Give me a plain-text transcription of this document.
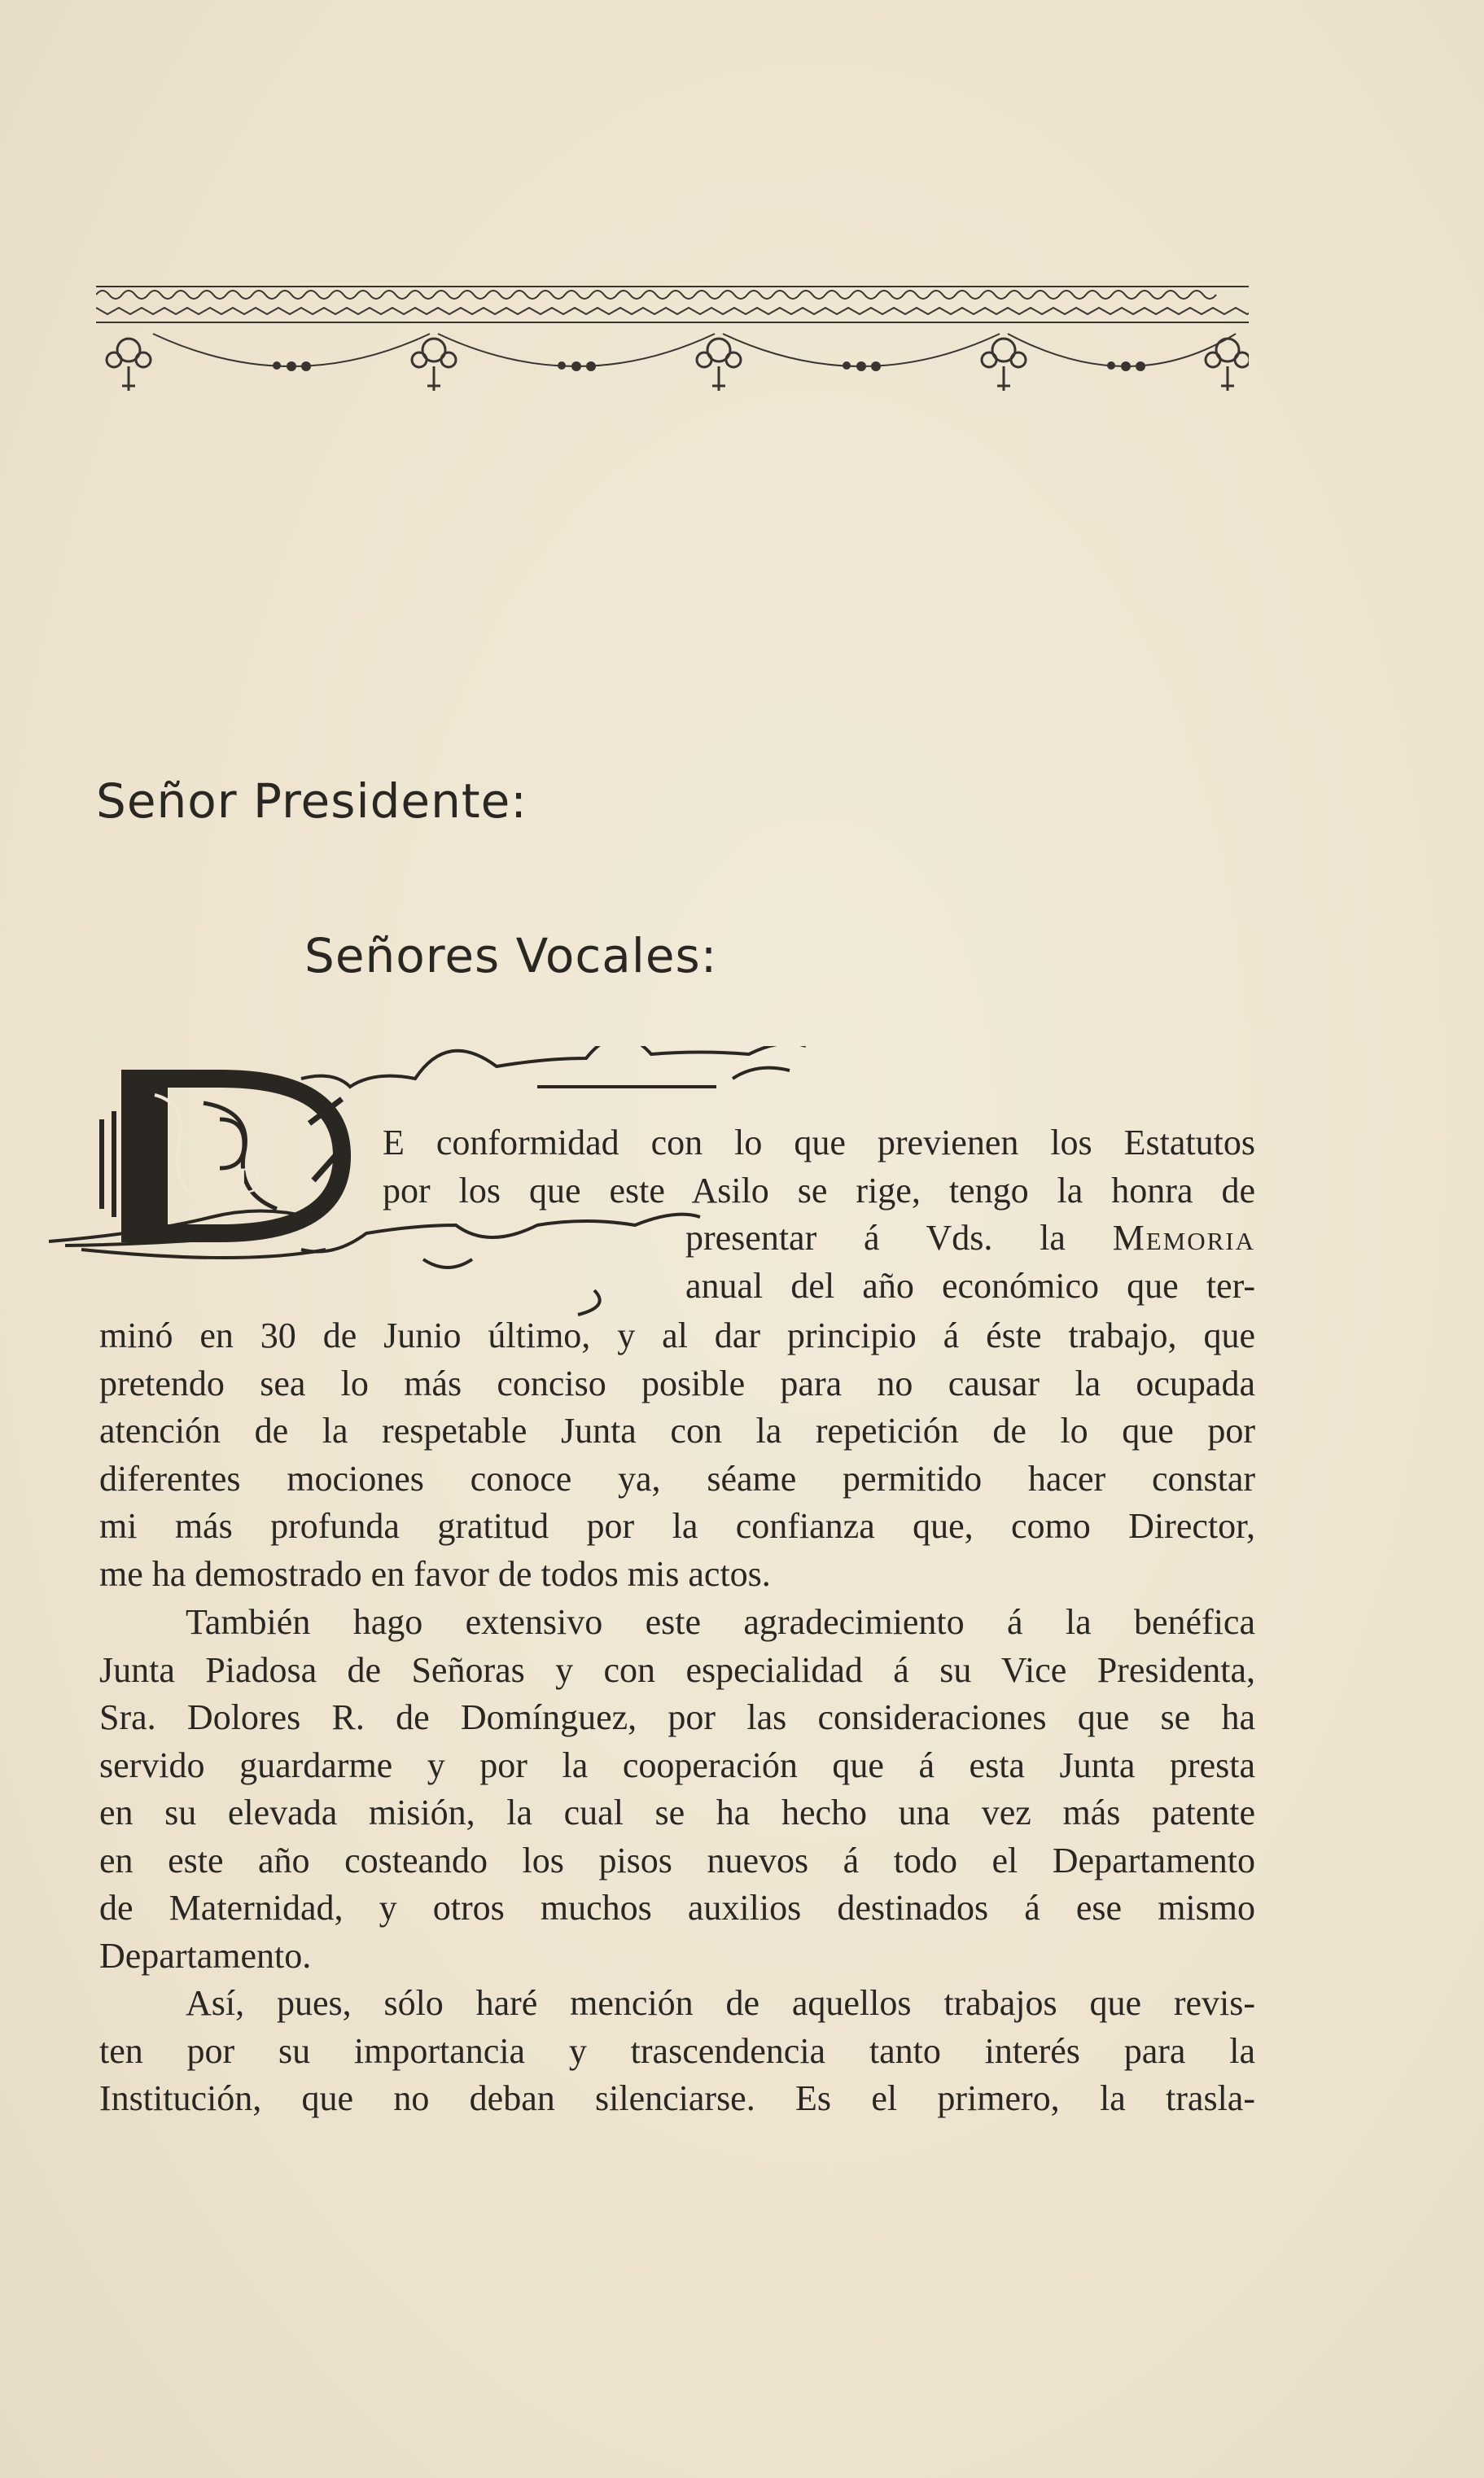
Señor Presidente:
Señores Vocales:
D
E conformidad con lo que previenen los Estatutos
por los que este Asilo se rige, tengo la honra de
presentar á Vds. la Memoria
anual del año económico que ter-
minó en 30 de Junio último, y al dar principio á éste trabajo, que
pretendo sea lo más conciso posible para no causar la ocupada
atención de la respetable Junta con la repetición de lo que por
diferentes mociones conoce ya, séame permitido hacer constar
mi más profunda gratitud por la confianza que, como Director,
me ha demostrado en favor de todos mis actos.
También hago extensivo este agradecimiento á la benéfica
Junta Piadosa de Señoras y con especialidad á su Vice Presidenta,
Sra. Dolores R. de Domínguez, por las consideraciones que se ha
servido guardarme y por la cooperación que á esta Junta presta
en su elevada misión, la cual se ha hecho una vez más patente
en este año costeando los pisos nuevos á todo el Departamento
de Maternidad, y otros muchos auxilios destinados á ese mismo
Departamento.
Así, pues, sólo haré mención de aquellos trabajos que revis-
ten por su importancia y trascendencia tanto interés para la
Institución, que no deban silenciarse. Es el primero, la trasla-
